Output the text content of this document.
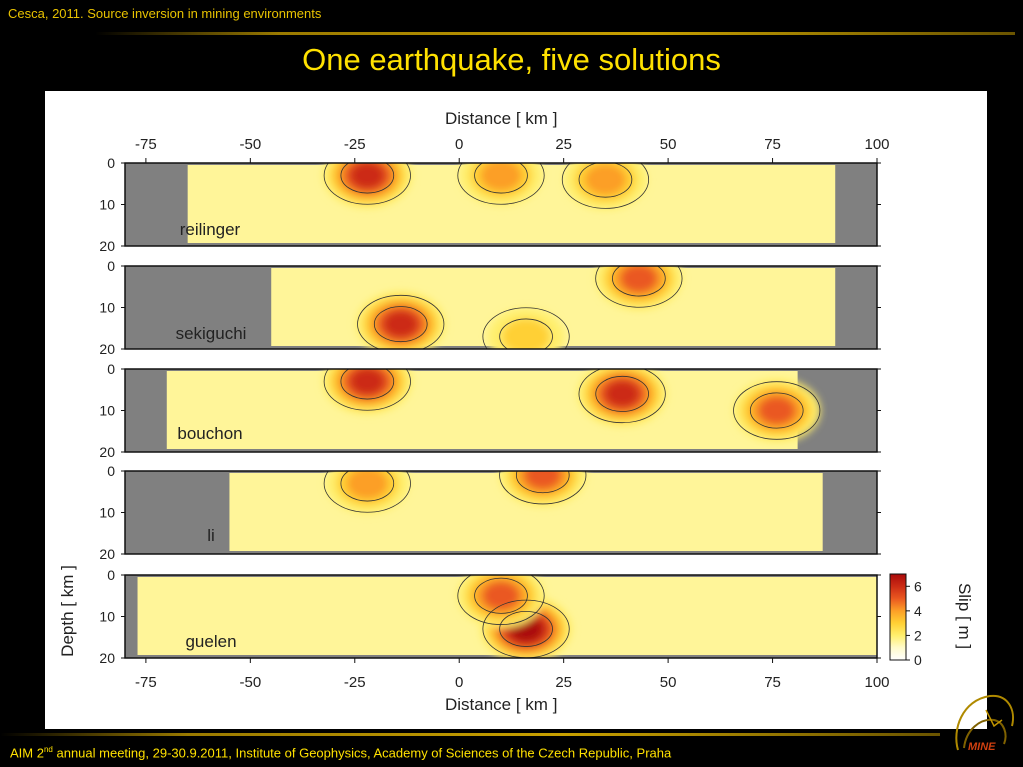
Cesca, 2011. Source inversion in mining environments
One earthquake, five solutions
Distance [ km ]
Distance [ km ]
-75
-75
-50
-50
-25
-25
0
0
25
25
50
50
75
75
100
100
Depth [ km ]
0
10
20
reilinger
0
10
20
sekiguchi
0
10
20
bouchon
0
10
20
li
0
10
20
guelen
6
4
2
0
Slip [ m ]
AIM 2nd annual meeting, 29-30.9.2011, Institute of Geophysics, Academy of Sciences of the Czech Republic, Praha	MINE
